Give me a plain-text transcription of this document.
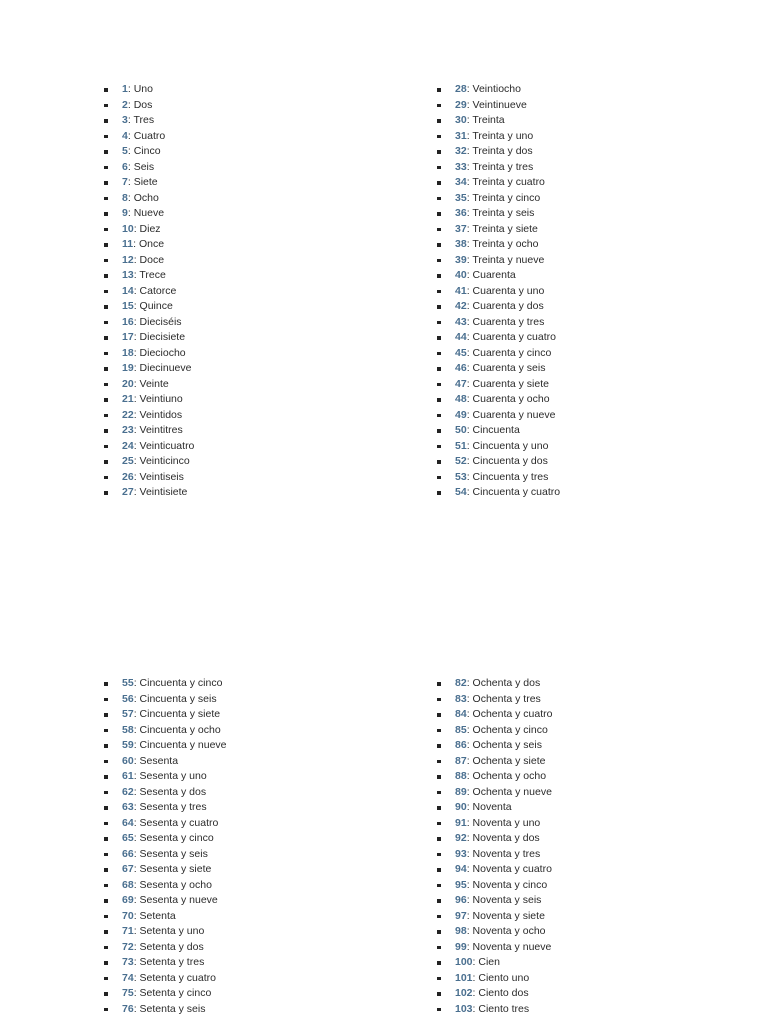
1: Uno
2: Dos
3: Tres
4: Cuatro
5: Cinco
6: Seis
7: Siete
8: Ocho
9: Nueve
10: Diez
11: Once
12: Doce
13: Trece
14: Catorce
15: Quince
16: Dieciséis
17: Diecisiete
18: Dieciocho
19: Diecinueve
20: Veinte
21: Veintiuno
22: Veintidos
23: Veintitres
24: Veinticuatro
25: Veinticinco
26: Veintiseis
27: Veintisiete
28: Veintiocho
29: Veintinueve
30: Treinta
31: Treinta y uno
32: Treinta y dos
33: Treinta y tres
34: Treinta y cuatro
35: Treinta y cinco
36: Treinta y seis
37: Treinta y siete
38: Treinta y ocho
39: Treinta y nueve
40: Cuarenta
41: Cuarenta y uno
42: Cuarenta y dos
43: Cuarenta y tres
44: Cuarenta y cuatro
45: Cuarenta y cinco
46: Cuarenta y seis
47: Cuarenta y siete
48: Cuarenta y ocho
49: Cuarenta y nueve
50: Cincuenta
51: Cincuenta y uno
52: Cincuenta y dos
53: Cincuenta y tres
54: Cincuenta y cuatro
55: Cincuenta y cinco
56: Cincuenta y seis
57: Cincuenta y siete
58: Cincuenta y ocho
59: Cincuenta y nueve
60: Sesenta
61: Sesenta y uno
62: Sesenta y dos
63: Sesenta y tres
64: Sesenta y cuatro
65: Sesenta y cinco
66: Sesenta y seis
67: Sesenta y siete
68: Sesenta y ocho
69: Sesenta y nueve
70: Setenta
71: Setenta y uno
72: Setenta y dos
73: Setenta y tres
74: Setenta y cuatro
75: Setenta y cinco
76: Setenta y seis
82: Ochenta y dos
83: Ochenta y tres
84: Ochenta y cuatro
85: Ochenta y cinco
86: Ochenta y seis
87: Ochenta y siete
88: Ochenta y ocho
89: Ochenta y nueve
90: Noventa
91: Noventa y uno
92: Noventa y dos
93: Noventa y tres
94: Noventa y cuatro
95: Noventa y cinco
96: Noventa y seis
97: Noventa y siete
98: Noventa y ocho
99: Noventa y nueve
100: Cien
101: Ciento uno
102: Ciento dos
103: Ciento tres
